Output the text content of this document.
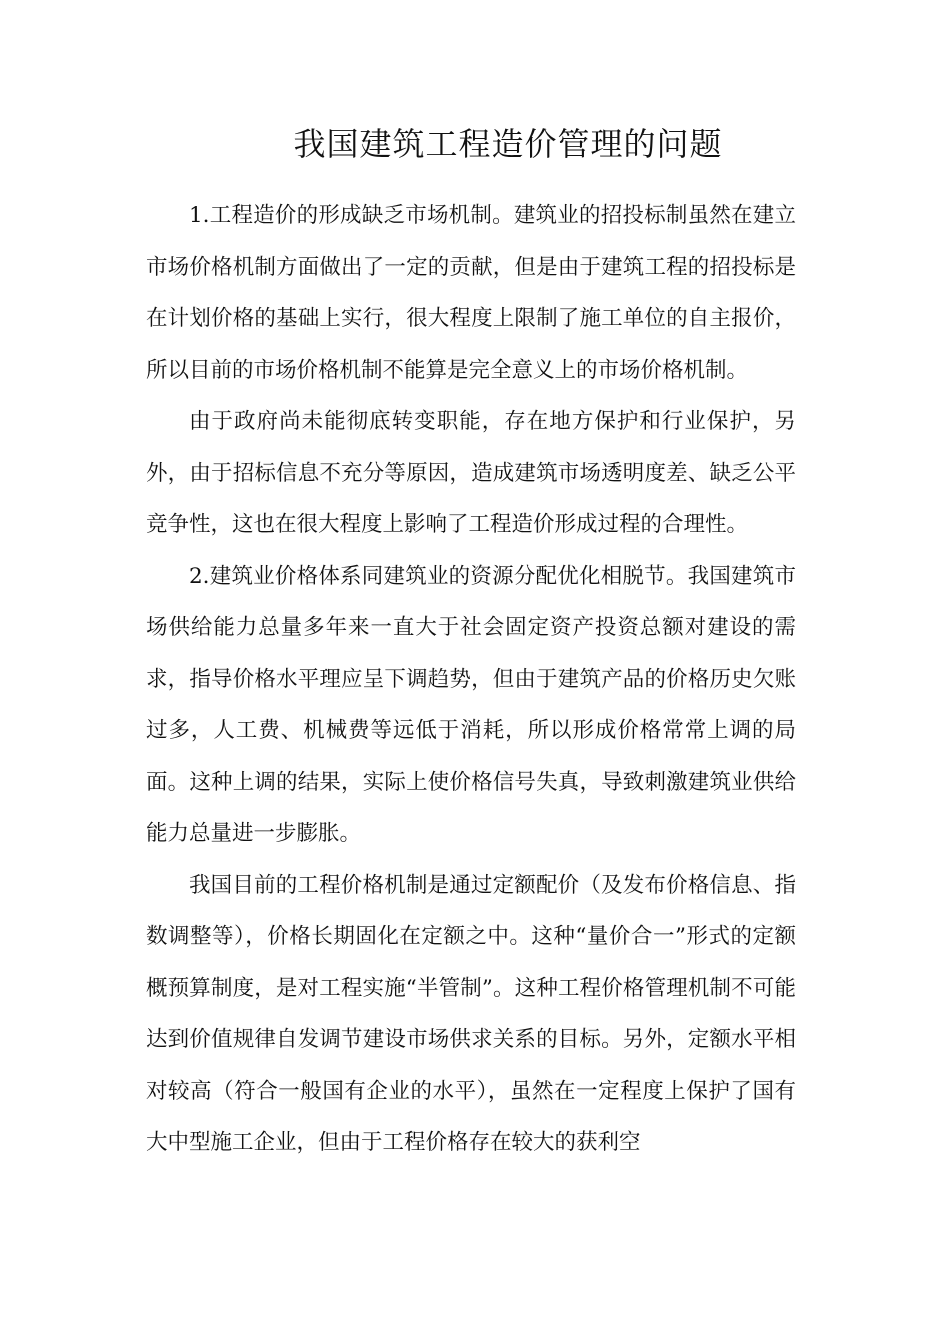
我国建筑工程造价管理的问题

1.工程造价的形成缺乏市场机制。建筑业的招投标制虽然在建立市场价格机制方面做出了一定的贡献，但是由于建筑工程的招投标是在计划价格的基础上实行，很大程度上限制了施工单位的自主报价，所以目前的市场价格机制不能算是完全意义上的市场价格机制。

由于政府尚未能彻底转变职能，存在地方保护和行业保护，另外，由于招标信息不充分等原因，造成建筑市场透明度差、缺乏公平竞争性，这也在很大程度上影响了工程造价形成过程的合理性。

2.建筑业价格体系同建筑业的资源分配优化相脱节。我国建筑市场供给能力总量多年来一直大于社会固定资产投资总额对建设的需求，指导价格水平理应呈下调趋势，但由于建筑产品的价格历史欠账过多，人工费、机械费等远低于消耗，所以形成价格常常上调的局面。这种上调的结果，实际上使价格信号失真，导致刺激建筑业供给能力总量进一步膨胀。

我国目前的工程价格机制是通过定额配价（及发布价格信息、指数调整等），价格长期固化在定额之中。这种“量价合一”形式的定额概预算制度，是对工程实施“半管制”。这种工程价格管理机制不可能达到价值规律自发调节建设市场供求关系的目标。另外，定额水平相对较高（符合一般国有企业的水平），虽然在一定程度上保护了国有大中型施工企业，但由于工程价格存在较大的获利空
